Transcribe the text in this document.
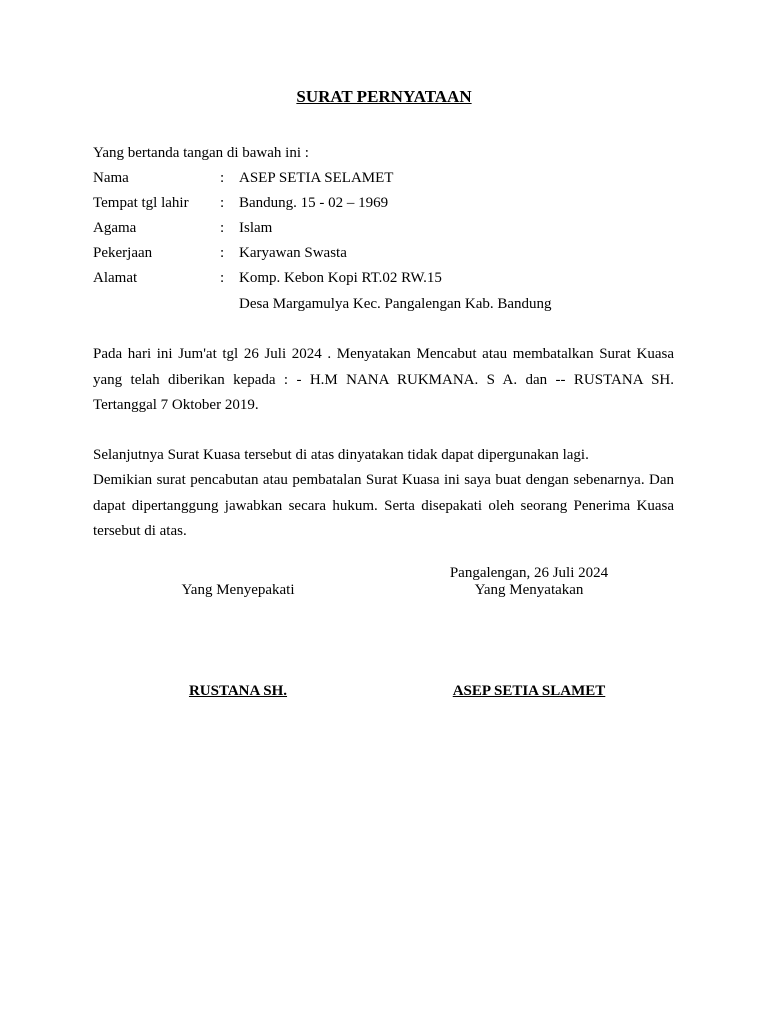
SURAT PERNYATAAN
Yang bertanda tangan di bawah ini :
Nama	: ASEP SETIA SELAMET
Tempat tgl lahir : Bandung. 15 - 02 – 1969
Agama	: Islam
Pekerjaan	: Karyawan Swasta
Alamat	: Komp. Kebon Kopi RT.02 RW.15
Desa Margamulya Kec. Pangalengan Kab. Bandung
Pada hari ini Jum'at tgl 26 Juli 2024 . Menyatakan Mencabut atau membatalkan Surat Kuasa yang telah diberikan kepada : - H.M NANA RUKMANA. S A. dan -- RUSTANA SH. Tertanggal 7 Oktober 2019.
Selanjutnya Surat Kuasa tersebut di atas dinyatakan tidak dapat dipergunakan lagi.
Demikian surat pencabutan atau pembatalan Surat Kuasa ini saya buat dengan sebenarnya. Dan dapat dipertanggung jawabkan secara hukum. Serta disepakati oleh seorang Penerima Kuasa tersebut di atas.
Pangalengan, 26 Juli 2024
Yang Menyepakati	Yang Menyatakan
RUSTANA SH.	ASEP SETIA SLAMET
